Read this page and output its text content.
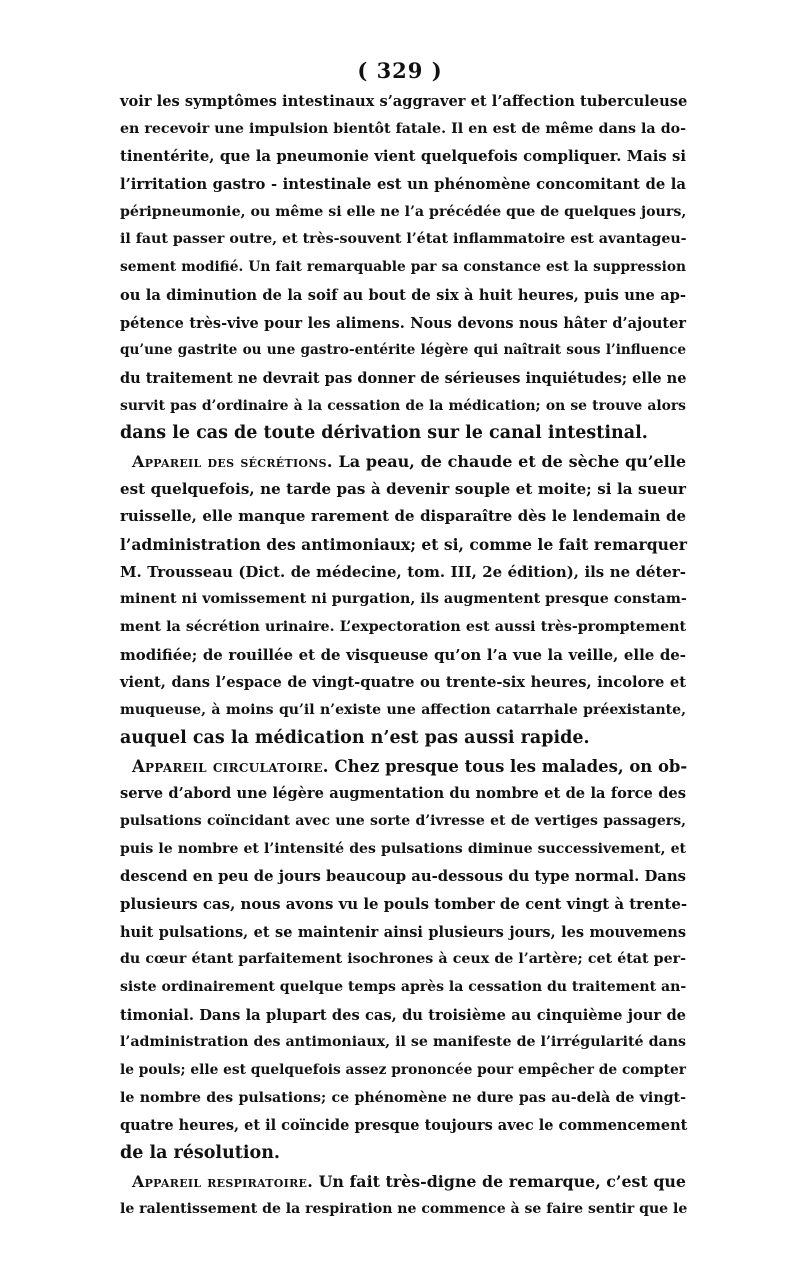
( 329 )
voir les symptômes intestinaux s’aggraver et l’affection tuberculeuse
en recevoir une impulsion bientôt fatale. Il en est de même dans la do-
tinentérite, que la pneumonie vient quelquefois compliquer. Mais si
l’irritation gastro - intestinale est un phénomène concomitant de la
péripneumonie, ou même si elle ne l’a précédée que de quelques jours,
il faut passer outre, et très-souvent l’état inflammatoire est avantageu-
sement modifié. Un fait remarquable par sa constance est la suppression
ou la diminution de la soif au bout de six à huit heures, puis une ap-
pétence très-vive pour les alimens. Nous devons nous hâter d’ajouter
qu’une gastrite ou une gastro-entérite légère qui naîtrait sous l’influence
du traitement ne devrait pas donner de sérieuses inquiétudes; elle ne
survit pas d’ordinaire à la cessation de la médication; on se trouve alors
dans le cas de toute dérivation sur le canal intestinal.
Appareil des sécrétions. La peau, de chaude et de sèche qu’elle
est quelquefois, ne tarde pas à devenir souple et moite; si la sueur
ruisselle, elle manque rarement de disparaître dès le lendemain de
l’administration des antimoniaux; et si, comme le fait remarquer
M. Trousseau (Dict. de médecine, tom. III, 2e édition), ils ne déter-
minent ni vomissement ni purgation, ils augmentent presque constam-
ment la sécrétion urinaire. L’expectoration est aussi très-promptement
modifiée; de rouillée et de visqueuse qu’on l’a vue la veille, elle de-
vient, dans l’espace de vingt-quatre ou trente-six heures, incolore et
muqueuse, à moins qu’il n’existe une affection catarrhale préexistante,
auquel cas la médication n’est pas aussi rapide.
Appareil circulatoire. Chez presque tous les malades, on ob-
serve d’abord une légère augmentation du nombre et de la force des
pulsations coïncidant avec une sorte d’ivresse et de vertiges passagers,
puis le nombre et l’intensité des pulsations diminue successivement, et
descend en peu de jours beaucoup au-dessous du type normal. Dans
plusieurs cas, nous avons vu le pouls tomber de cent vingt à trente-
huit pulsations, et se maintenir ainsi plusieurs jours, les mouvemens
du cœur étant parfaitement isochrones à ceux de l’artère; cet état per-
siste ordinairement quelque temps après la cessation du traitement an-
timonial. Dans la plupart des cas, du troisième au cinquième jour de
l’administration des antimoniaux, il se manifeste de l’irrégularité dans
le pouls; elle est quelquefois assez prononcée pour empêcher de compter
le nombre des pulsations; ce phénomène ne dure pas au-delà de vingt-
quatre heures, et il coïncide presque toujours avec le commencement
de la résolution.
Appareil respiratoire. Un fait très-digne de remarque, c’est que
le ralentissement de la respiration ne commence à se faire sentir que le
